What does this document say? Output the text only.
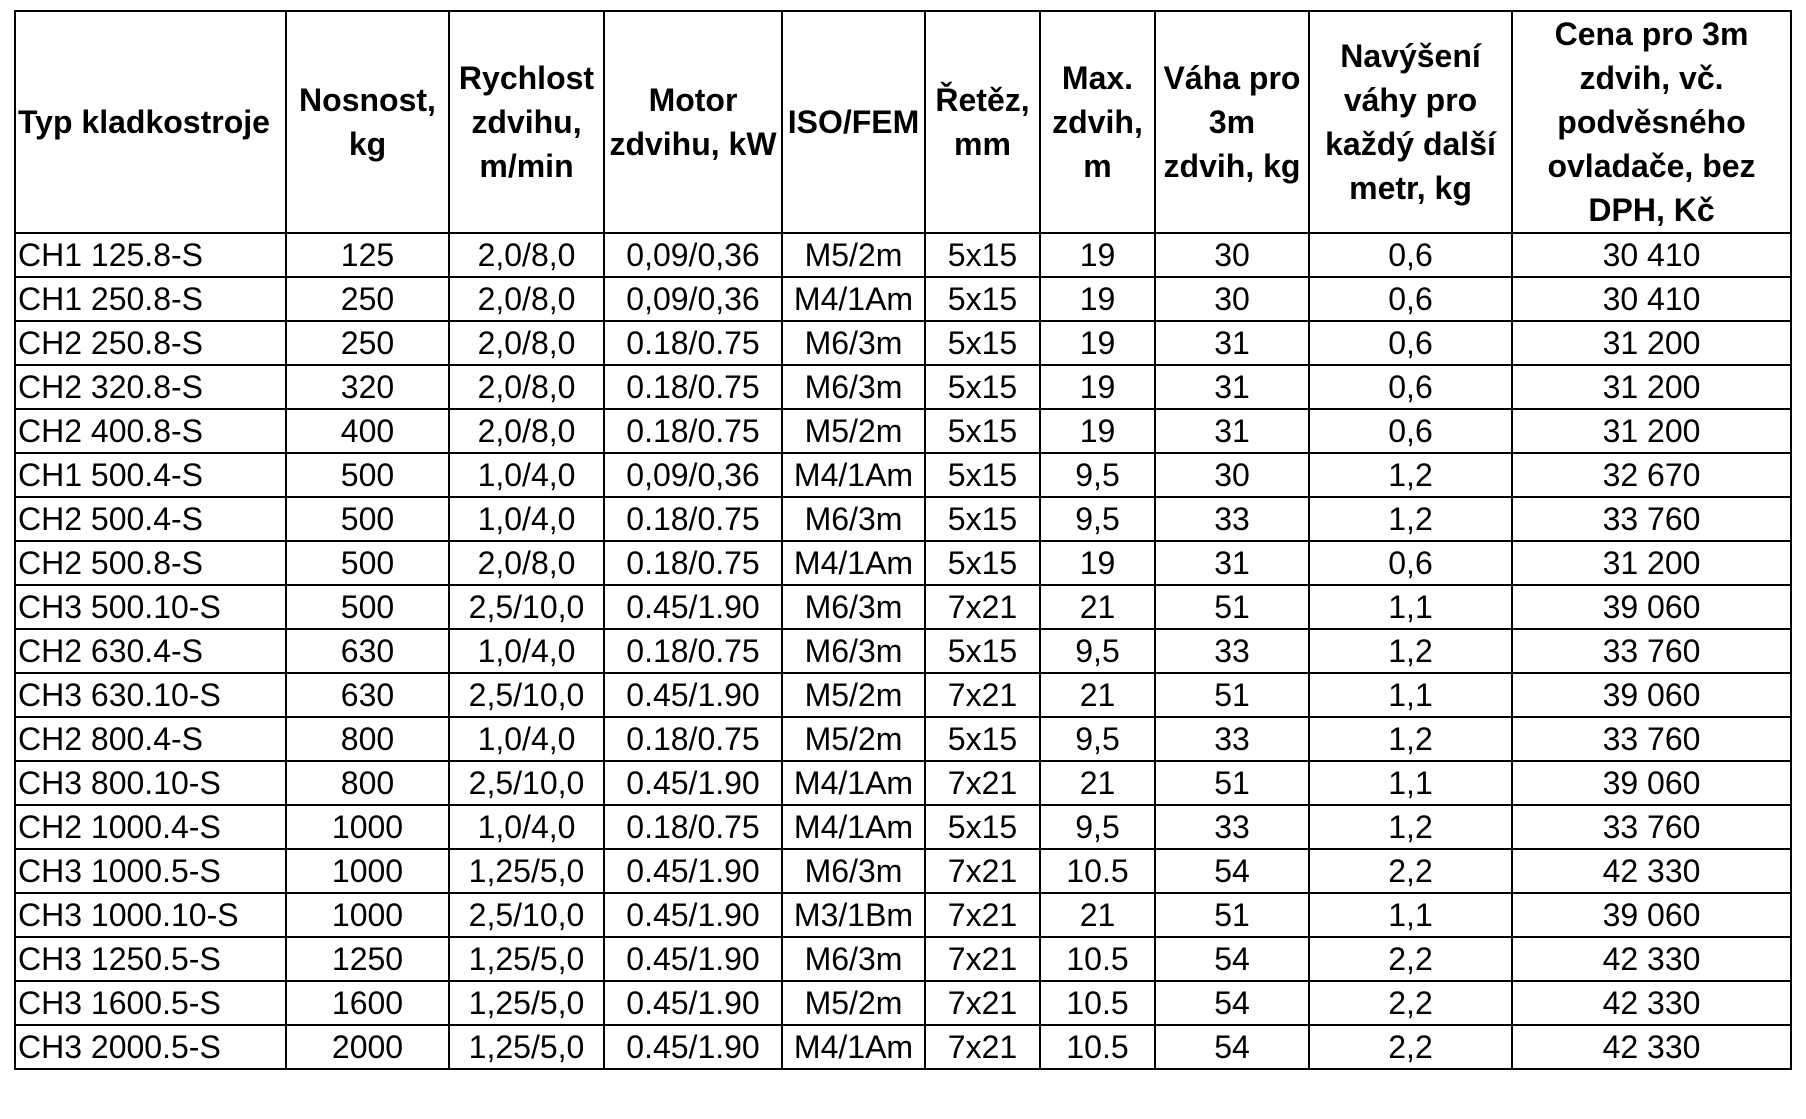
Typ kladkostroje	Nosnost, kg	Rychlost zdvihu, m/min	Motor zdvihu, kW	ISO/FEM	Řetěz, mm	Max. zdvih, m	Váha pro 3m zdvih, kg	Navýšení váhy pro každý další metr, kg	Cena pro 3m zdvih, vč. podvěsného ovladače, bez DPH, Kč
CH1 125.8-S	125	2,0/8,0	0,09/0,36	M5/2m	5x15	19	30	0,6	30 410
CH1 250.8-S	250	2,0/8,0	0,09/0,36	M4/1Am	5x15	19	30	0,6	30 410
CH2 250.8-S	250	2,0/8,0	0.18/0.75	M6/3m	5x15	19	31	0,6	31 200
CH2 320.8-S	320	2,0/8,0	0.18/0.75	M6/3m	5x15	19	31	0,6	31 200
CH2 400.8-S	400	2,0/8,0	0.18/0.75	M5/2m	5x15	19	31	0,6	31 200
CH1 500.4-S	500	1,0/4,0	0,09/0,36	M4/1Am	5x15	9,5	30	1,2	32 670
CH2 500.4-S	500	1,0/4,0	0.18/0.75	M6/3m	5x15	9,5	33	1,2	33 760
CH2 500.8-S	500	2,0/8,0	0.18/0.75	M4/1Am	5x15	19	31	0,6	31 200
CH3 500.10-S	500	2,5/10,0	0.45/1.90	M6/3m	7x21	21	51	1,1	39 060
CH2 630.4-S	630	1,0/4,0	0.18/0.75	M6/3m	5x15	9,5	33	1,2	33 760
CH3 630.10-S	630	2,5/10,0	0.45/1.90	M5/2m	7x21	21	51	1,1	39 060
CH2 800.4-S	800	1,0/4,0	0.18/0.75	M5/2m	5x15	9,5	33	1,2	33 760
CH3 800.10-S	800	2,5/10,0	0.45/1.90	M4/1Am	7x21	21	51	1,1	39 060
CH2 1000.4-S	1000	1,0/4,0	0.18/0.75	M4/1Am	5x15	9,5	33	1,2	33 760
CH3 1000.5-S	1000	1,25/5,0	0.45/1.90	M6/3m	7x21	10.5	54	2,2	42 330
CH3 1000.10-S	1000	2,5/10,0	0.45/1.90	M3/1Bm	7x21	21	51	1,1	39 060
CH3 1250.5-S	1250	1,25/5,0	0.45/1.90	M6/3m	7x21	10.5	54	2,2	42 330
CH3 1600.5-S	1600	1,25/5,0	0.45/1.90	M5/2m	7x21	10.5	54	2,2	42 330
CH3 2000.5-S	2000	1,25/5,0	0.45/1.90	M4/1Am	7x21	10.5	54	2,2	42 330
